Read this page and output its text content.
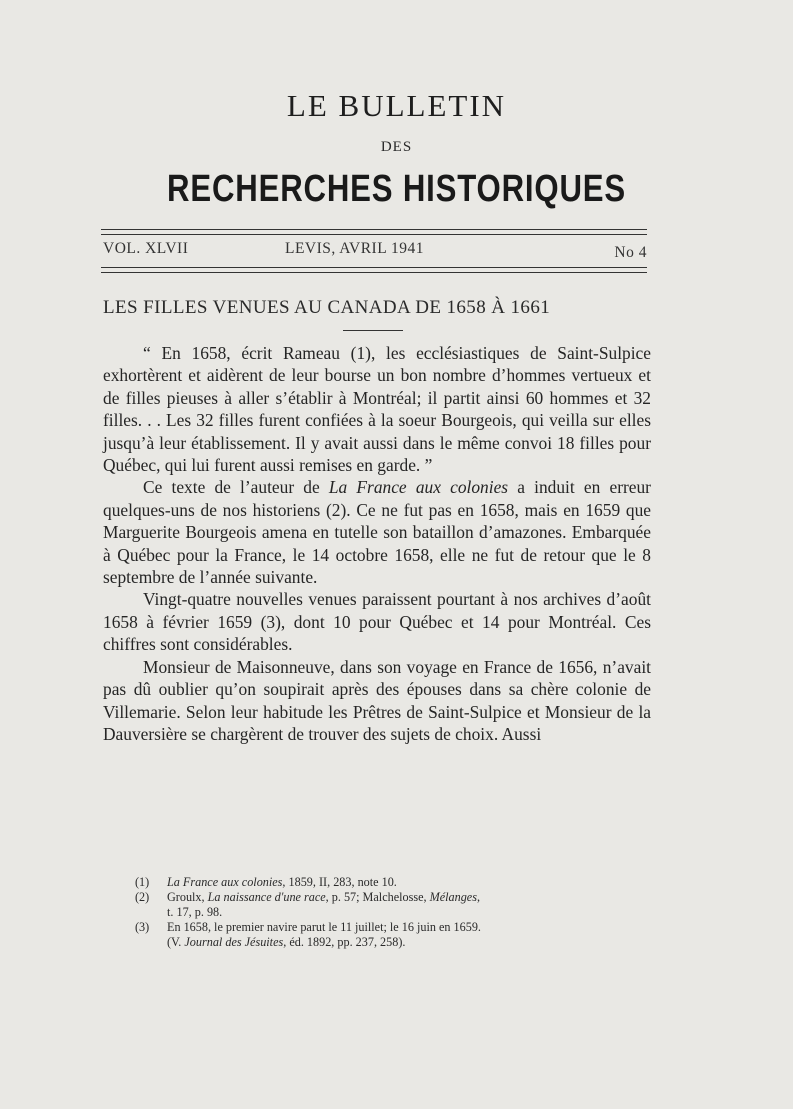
LE BULLETIN
DES
RECHERCHES HISTORIQUES
VOL. XLVII	LEVIS, AVRIL 1941	No 4
LES FILLES VENUES AU CANADA DE 1658 À 1661

“ En 1658, écrit Rameau (1), les ecclésiastiques de Saint-Sulpice exhortèrent et aidèrent de leur bourse un bon nombre d’hommes vertueux et de filles pieuses à aller s’établir à Montréal; il partit ainsi 60 hommes et 32 filles. . . Les 32 filles furent confiées à la soeur Bourgeois, qui veilla sur elles jusqu’à leur établissement. Il y avait aussi dans le même convoi 18 filles pour Québec, qui lui furent aussi remises en garde. ”

Ce texte de l’auteur de La France aux colonies a induit en erreur quelques-uns de nos historiens (2). Ce ne fut pas en 1658, mais en 1659 que Marguerite Bourgeois amena en tutelle son bataillon d’amazones. Embarquée à Québec pour la France, le 14 octobre 1658, elle ne fut de retour que le 8 septembre de l’année suivante.

Vingt-quatre nouvelles venues paraissent pourtant à nos archives d’août 1658 à février 1659 (3), dont 10 pour Québec et 14 pour Montréal. Ces chiffres sont considérables.

Monsieur de Maisonneuve, dans son voyage en France de 1656, n’avait pas dû oublier qu’on soupirait après des épouses dans sa chère colonie de Villemarie. Selon leur habitude les Prêtres de Saint-Sulpice et Monsieur de la Dauversière se chargèrent de trouver des sujets de choix. Aussi

(1)	La France aux colonies, 1859, II, 283, note 10.
(2)	Groulx, La naissance d'une race, p. 57; Malchelosse, Mélanges,
t. 17, p. 98.
(3)	En 1658, le premier navire parut le 11 juillet; le 16 juin en 1659.
(V. Journal des Jésuites, éd. 1892, pp. 237, 258).
